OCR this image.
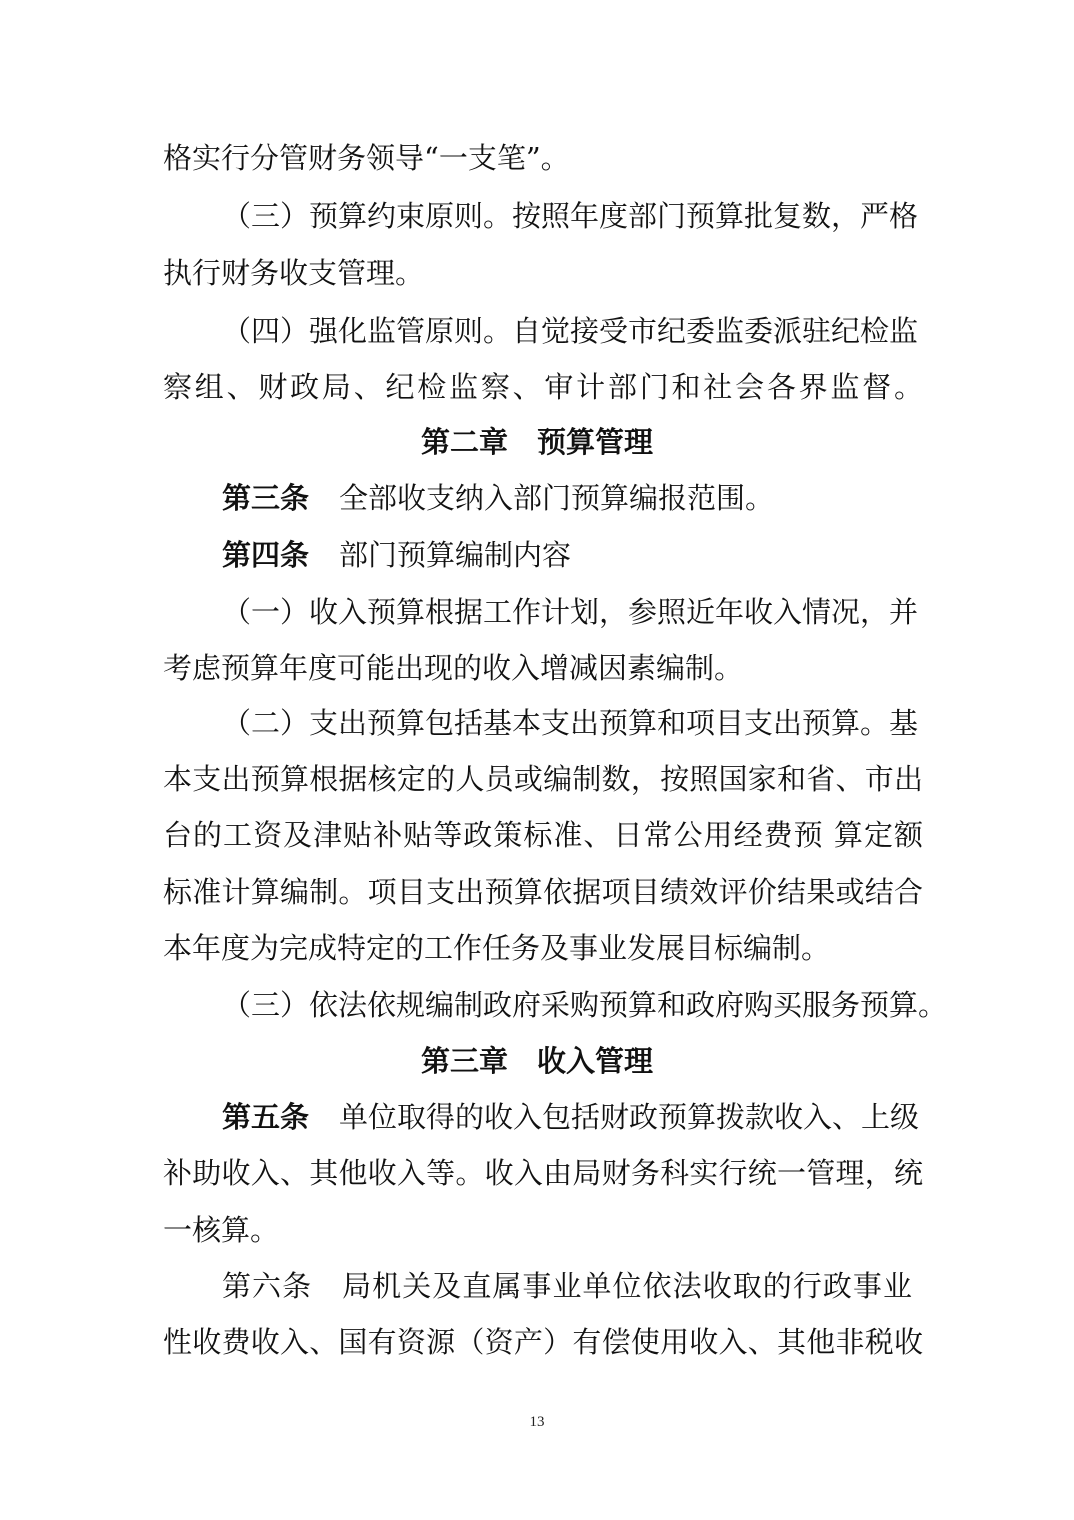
格实行分管财务领导“一支笔”。

（三）预算约束原则。按照年度部门预算批复数，严格

执行财务收支管理。

（四）强化监管原则。自觉接受市纪委监委派驻纪检监

察组、财政局、纪检监察、审计部门和社会各界监督。

第二章　预算管理

第三条 全部收支纳入部门预算编报范围。

第四条 部门预算编制内容

（一）收入预算根据工作计划，参照近年收入情况，并

考虑预算年度可能出现的收入增减因素编制。

（二）支出预算包括基本支出预算和项目支出预算。基

本支出预算根据核定的人员或编制数，按照国家和省、市出

台的工资及津贴补贴等政策标准、日常公用经费预 算定额

标准计算编制。项目支出预算依据项目绩效评价结果或结合

本年度为完成特定的工作任务及事业发展目标编制。

（三）依法依规编制政府采购预算和政府购买服务预算。

第三章　收入管理

第五条 单位取得的收入包括财政预算拨款收入、上级

补助收入、其他收入等。收入由局财务科实行统一管理，统

一核算。

第六条 局机关及直属事业单位依法收取的行政事业

性收费收入、国有资源（资产）有偿使用收入、其他非税收

13
